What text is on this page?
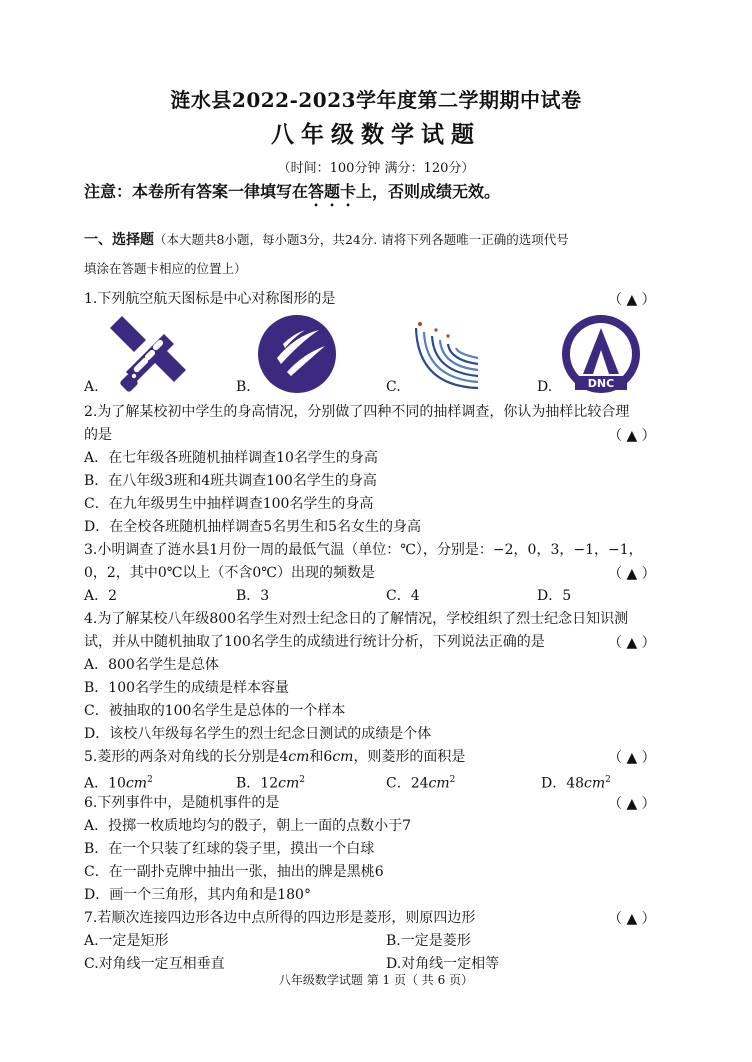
涟水县2022-2023学年度第二学期期中试卷
八年级数学试题
（时间：100分钟 满分：120分）
注意：本卷所有答案一律填写在答题卡上，否则成绩无效。
一、选择题（本大题共8小题，每小题3分，共24分. 请将下列各题唯一正确的选项代号
填涂在答题卡相应的位置上）
1.下列航空航天图标是中心对称图形的是	（ ▲ ）
A.	B.	C.	D.	DNC
2.为了解某校初中学生的身高情况，分别做了四种不同的抽样调查，你认为抽样比较合理
的是	（ ▲ ）
A．在七年级各班随机抽样调查10名学生的身高
B．在八年级3班和4班共调查100名学生的身高
C．在九年级男生中抽样调查100名学生的身高
D．在全校各班随机抽样调查5名男生和5名女生的身高
3.小明调查了涟水县1月份一周的最低气温（单位：℃），分别是：−2，0，3，−1，−1，
0，2，其中0℃以上（不含0℃）出现的频数是	（ ▲ ）
A．2	B．3	C．4	D．5
4.为了解某校八年级800名学生对烈士纪念日的了解情况，学校组织了烈士纪念日知识测
试，并从中随机抽取了100名学生的成绩进行统计分析，下列说法正确的是	（ ▲ ）
A．800名学生是总体
B．100名学生的成绩是样本容量
C．被抽取的100名学生是总体的一个样本
D．该校八年级每名学生的烈士纪念日测试的成绩是个体
5.菱形的两条对角线的长分别是4cm和6cm，则菱形的面积是	（ ▲ ）
A．$10cm^2$	B．$12cm^2$	C．$24cm^2$	D．$48cm^2$
6.下列事件中，是随机事件的是	（ ▲ ）
A．投掷一枚质地均匀的骰子，朝上一面的点数小于7
B．在一个只装了红球的袋子里，摸出一个白球
C．在一副扑克牌中抽出一张，抽出的牌是黑桃6
D．画一个三角形，其内角和是180°
7.若顺次连接四边形各边中点所得的四边形是菱形，则原四边形	（ ▲ ）
A.一定是矩形	B.一定是菱形
C.对角线一定互相垂直	D.对角线一定相等
八年级数学试题 第 1 页（ 共 6 页）
